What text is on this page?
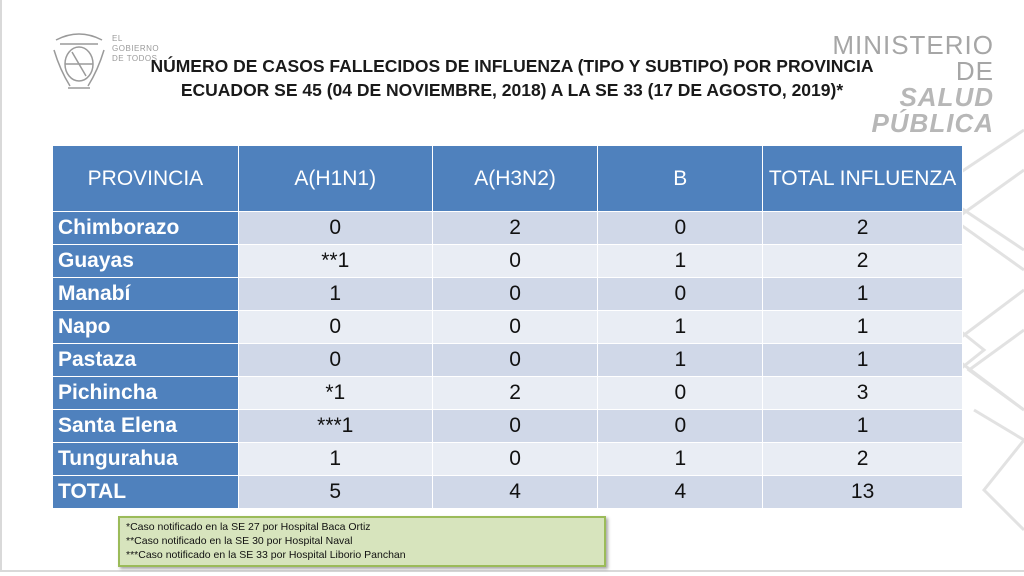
EL
GOBIERNO
DE TODOS	MINISTERIO DE
SALUD PÚBLICA
NÚMERO DE CASOS FALLECIDOS DE INFLUENZA (TIPO Y SUBTIPO) POR PROVINCIA
ECUADOR SE 45 (04 DE NOVIEMBRE, 2018) A LA SE 33 (17 DE AGOSTO, 2019)*
PROVINCIA	A(H1N1)	A(H3N2)	B	TOTAL INFLUENZA
Chimborazo	0	2	0	2
Guayas	**1	0	1	2
Manabí	1	0	0	1
Napo	0	0	1	1
Pastaza	0	0	1	1
Pichincha	*1	2	0	3
Santa Elena	***1	0	0	1
Tungurahua	1	0	1	2
TOTAL	5	4	4	13
*Caso notificado en la SE 27 por Hospital Baca Ortiz
**Caso notificado en la SE 30 por Hospital Naval
***Caso notificado en la SE 33 por Hospital Liborio Panchan
